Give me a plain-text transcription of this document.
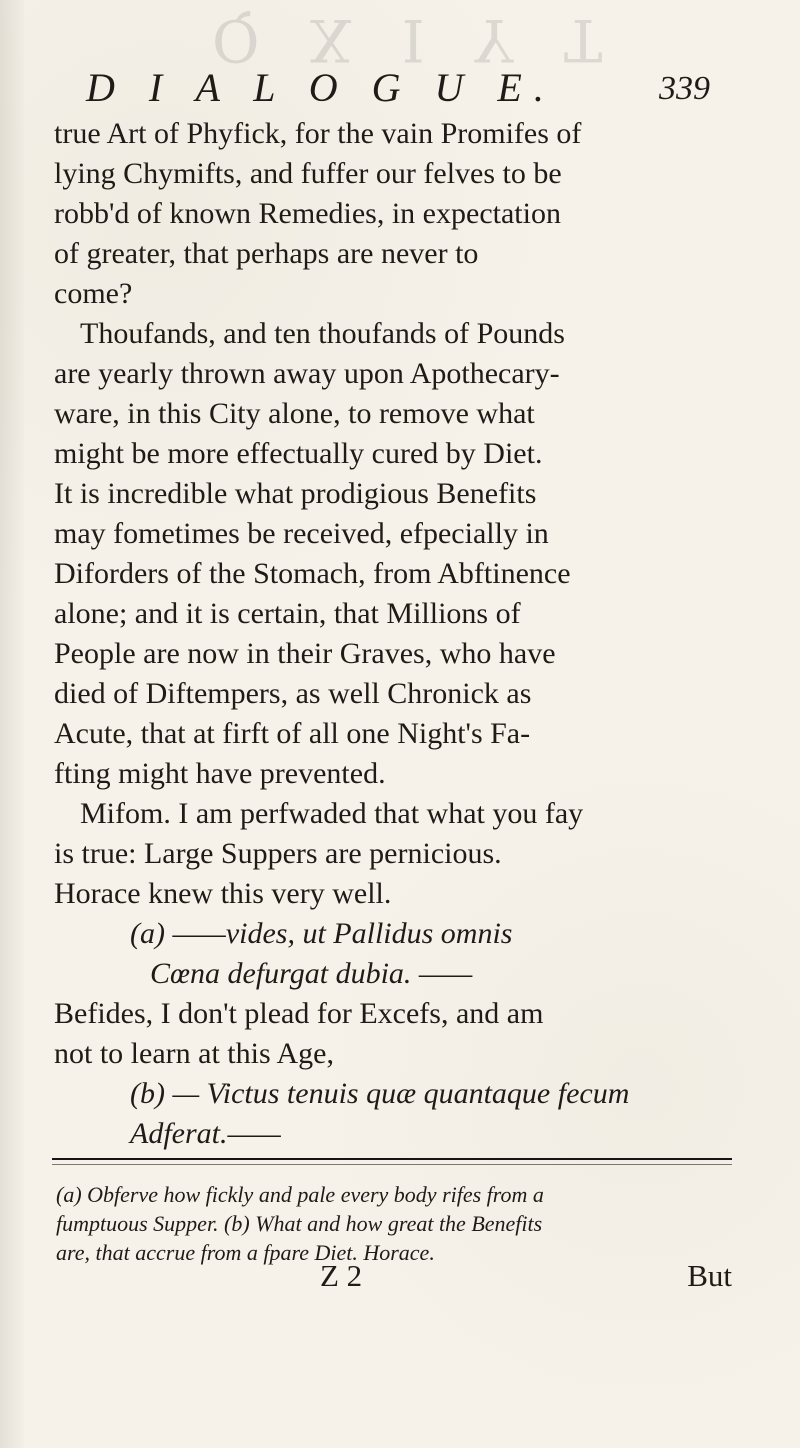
Q X I Y T
D I A L O G U E.	339
true Art of Phyfick, for the vain Promifes of
lying Chymifts, and fuffer our felves to be
robb'd of known Remedies, in expectation
of greater, that perhaps are never to
come?
Thoufands, and ten thoufands of Pounds
are yearly thrown away upon Apothecary-
ware, in this City alone, to remove what
might be more effectually cured by Diet.
It is incredible what prodigious Benefits
may fometimes be received, efpecially in
Diforders of the Stomach, from Abftinence
alone; and it is certain, that Millions of
People are now in their Graves, who have
died of Diftempers, as well Chronick as
Acute, that at firft of all one Night's Fa-
fting might have prevented.
Mifom. I am perfwaded that what you fay
is true: Large Suppers are pernicious.
Horace knew this very well.
(a) ——vides, ut Pallidus omnis
Cœna defurgat dubia. ——
Befides, I don't plead for Excefs, and am
not to learn at this Age,
(b) — Victus tenuis quæ quantaque fecum
Adferat.——
(a) Obferve how fickly and pale every body rifes from a
fumptuous Supper. (b) What and how great the Benefits
are, that accrue from a fpare Diet. Horace.
Z 2	But
